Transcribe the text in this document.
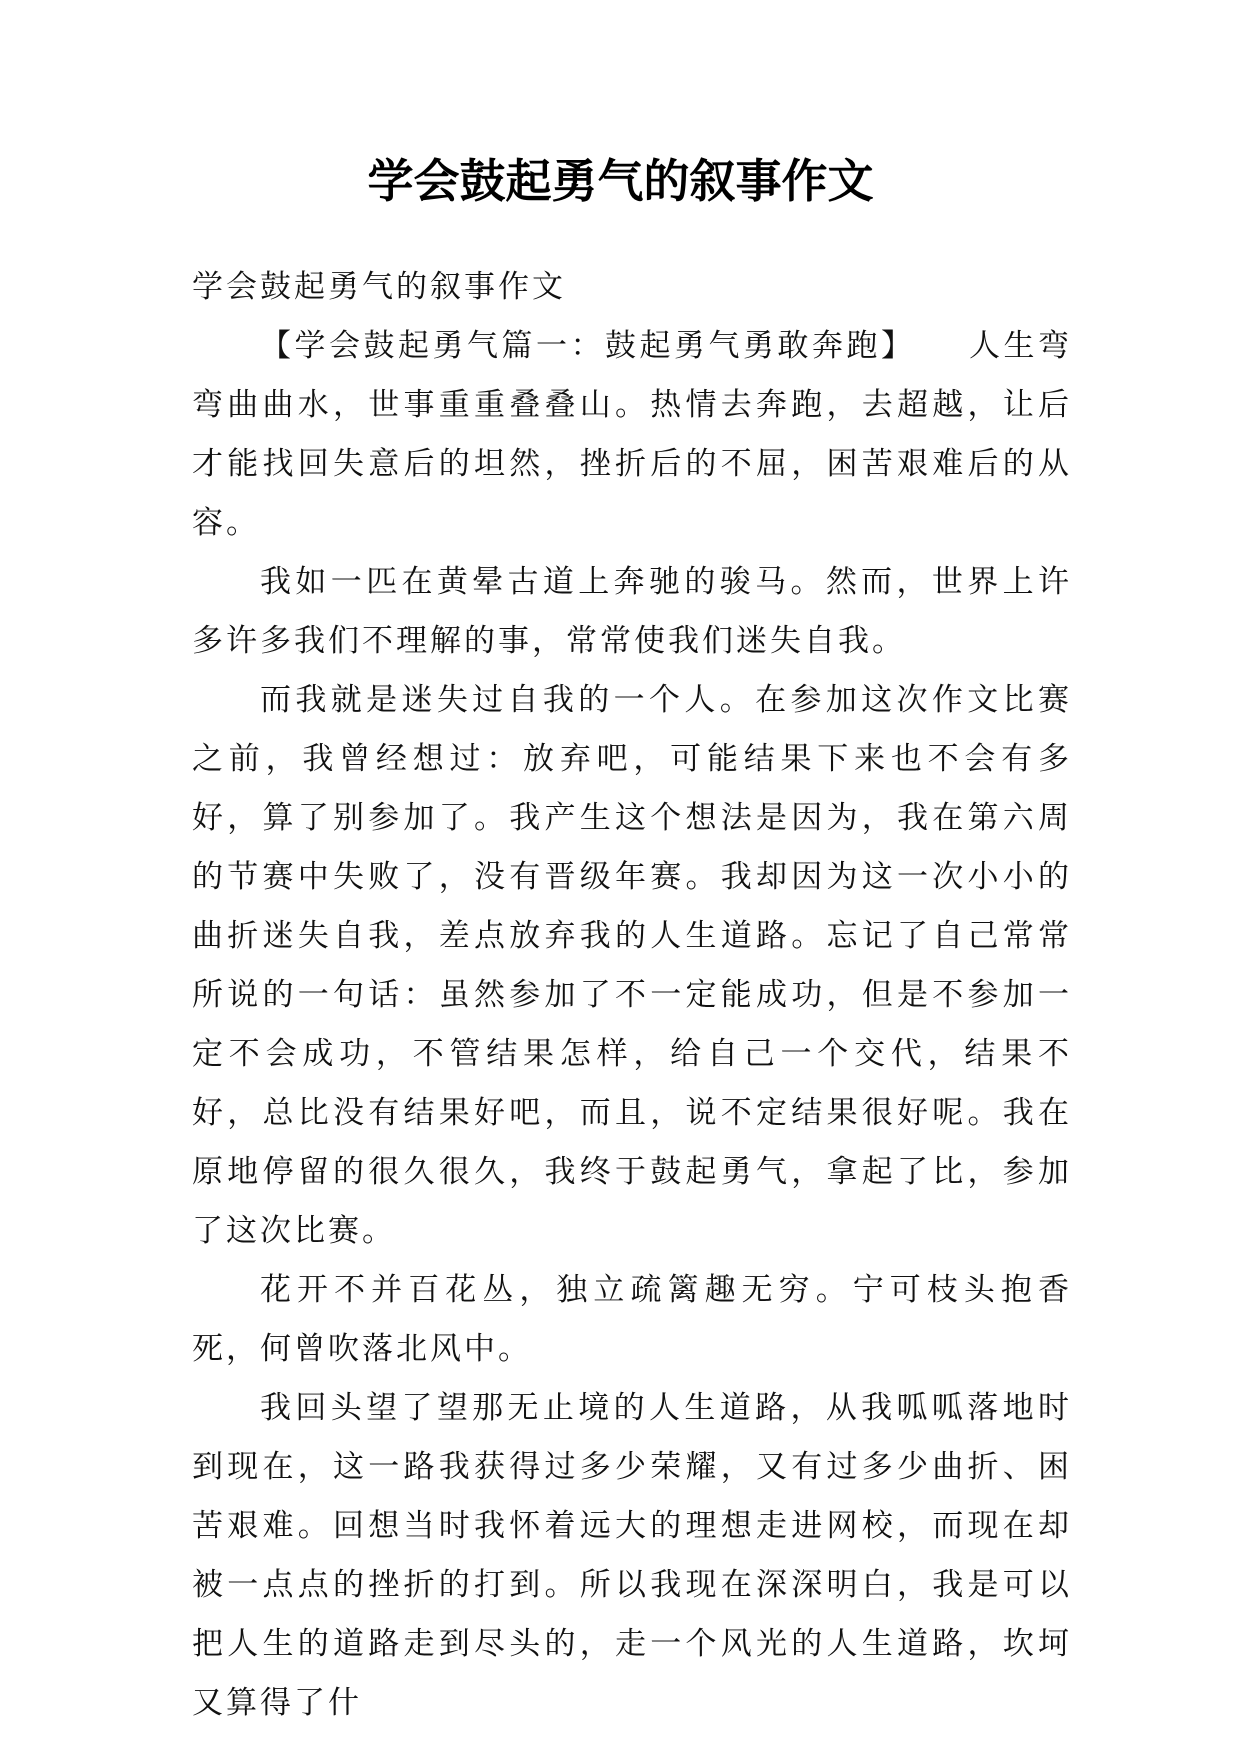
学会鼓起勇气的叙事作文

学会鼓起勇气的叙事作文

【学会鼓起勇气篇一：鼓起勇气勇敢奔跑】　　人生弯弯曲曲水，世事重重叠叠山。热情去奔跑，去超越，让后才能找回失意后的坦然，挫折后的不屈，困苦艰难后的从容。

我如一匹在黄晕古道上奔驰的骏马。然而，世界上许多许多我们不理解的事，常常使我们迷失自我。

而我就是迷失过自我的一个人。在参加这次作文比赛之前，我曾经想过：放弃吧，可能结果下来也不会有多好，算了别参加了。我产生这个想法是因为，我在第六周的节赛中失败了，没有晋级年赛。我却因为这一次小小的曲折迷失自我，差点放弃我的人生道路。忘记了自己常常所说的一句话：虽然参加了不一定能成功，但是不参加一定不会成功，不管结果怎样，给自己一个交代，结果不好，总比没有结果好吧，而且，说不定结果很好呢。我在原地停留的很久很久，我终于鼓起勇气，拿起了比，参加了这次比赛。

花开不并百花丛，独立疏篱趣无穷。宁可枝头抱香死，何曾吹落北风中。

我回头望了望那无止境的人生道路，从我呱呱落地时到现在，这一路我获得过多少荣耀，又有过多少曲折、困苦艰难。回想当时我怀着远大的理想走进网校，而现在却被一点点的挫折的打到。所以我现在深深明白，我是可以把人生的道路走到尽头的，走一个风光的人生道路，坎坷又算得了什
